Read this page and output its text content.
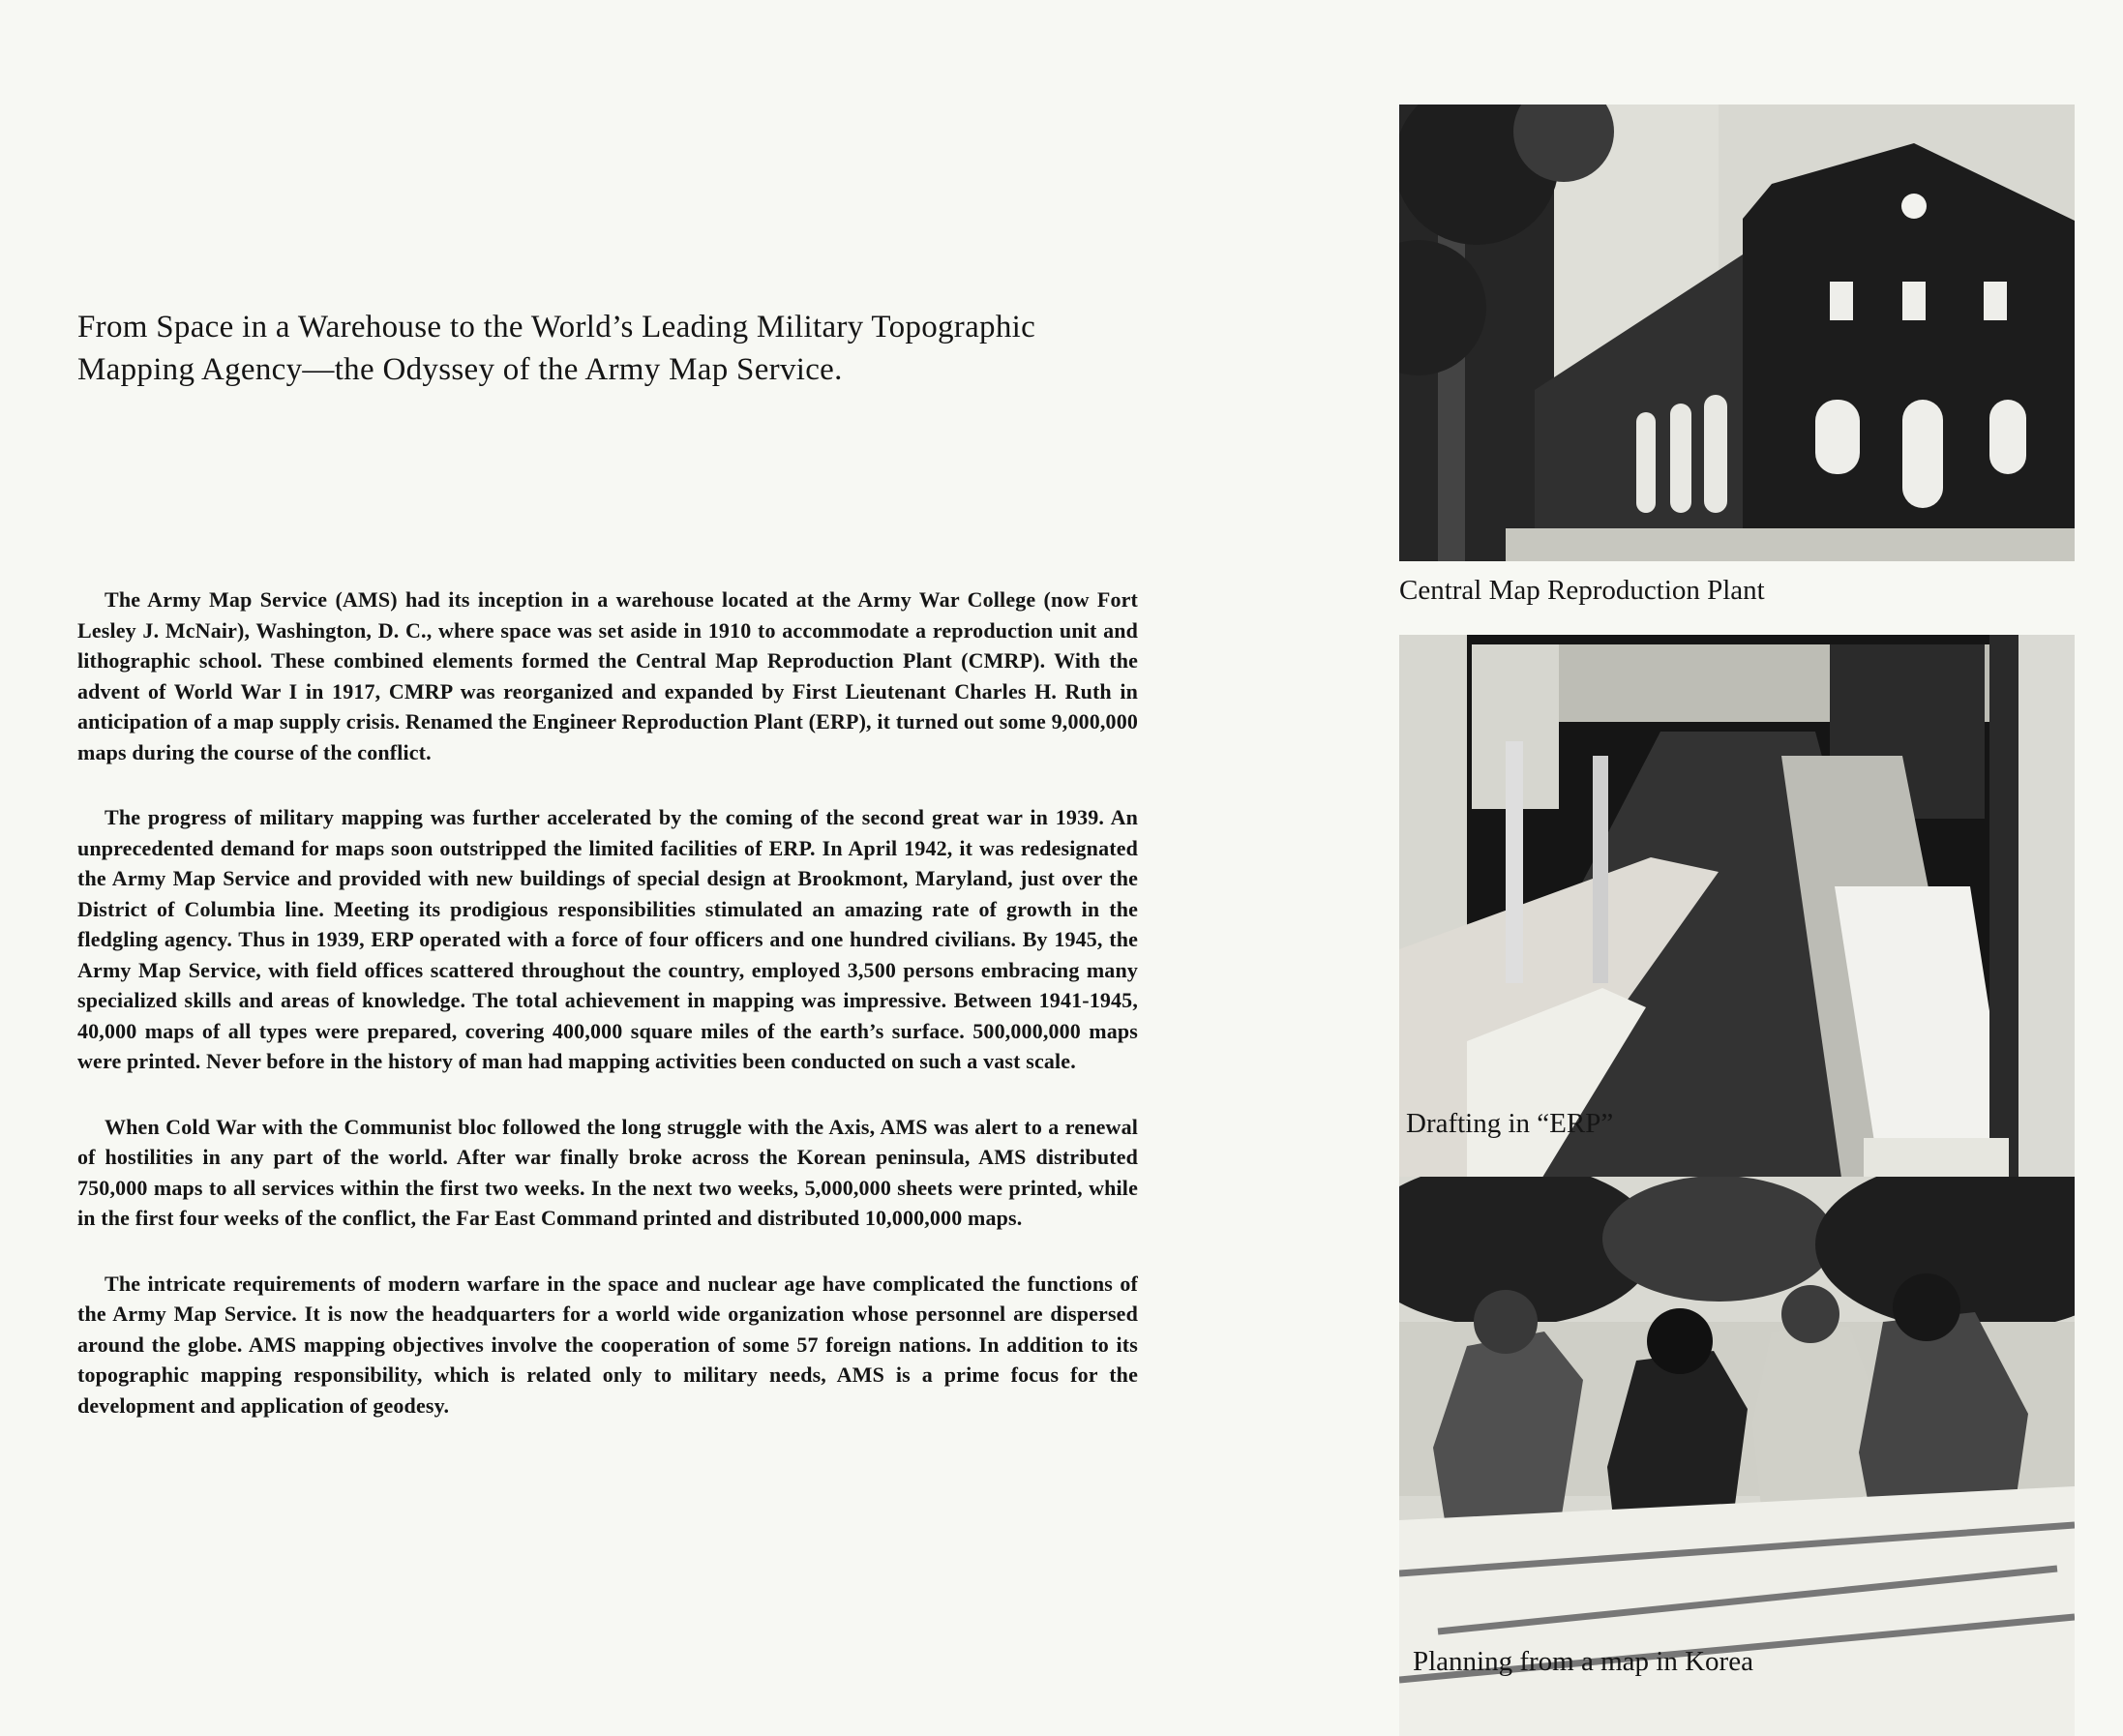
From Space in a Warehouse to the World’s Leading Military Topographic Mapping Agency—the Odyssey of the Army Map Service.

The Army Map Service (AMS) had its inception in a warehouse located at the Army War College (now Fort Lesley J. McNair), Washington, D. C., where space was set aside in 1910 to accommodate a reproduction unit and lithographic school. These combined elements formed the Central Map Reproduction Plant (CMRP). With the advent of World War I in 1917, CMRP was reorganized and expanded by First Lieutenant Charles H. Ruth in anticipation of a map supply crisis. Renamed the Engineer Reproduction Plant (ERP), it turned out some 9,000,000 maps during the course of the conflict.

The progress of military mapping was further accelerated by the coming of the second great war in 1939. An unprecedented demand for maps soon outstripped the limited facilities of ERP. In April 1942, it was redesignated the Army Map Service and provided with new buildings of special design at Brookmont, Maryland, just over the District of Columbia line. Meeting its prodigious responsibilities stimulated an amazing rate of growth in the fledgling agency. Thus in 1939, ERP operated with a force of four officers and one hundred civilians. By 1945, the Army Map Service, with field offices scattered throughout the country, employed 3,500 persons embracing many specialized skills and areas of knowledge. The total achievement in mapping was impressive. Between 1941-1945, 40,000 maps of all types were prepared, covering 400,000 square miles of the earth’s surface. 500,000,000 maps were printed. Never before in the history of man had mapping activities been conducted on such a vast scale.

When Cold War with the Communist bloc followed the long struggle with the Axis, AMS was alert to a renewal of hostilities in any part of the world. After war finally broke across the Korean peninsula, AMS distributed 750,000 maps to all services within the first two weeks. In the next two weeks, 5,000,000 sheets were printed, while in the first four weeks of the conflict, the Far East Command printed and distributed 10,000,000 maps.

The intricate requirements of modern warfare in the space and nuclear age have complicated the functions of the Army Map Service. It is now the headquarters for a world wide organization whose personnel are dispersed around the globe. AMS mapping objectives involve the cooperation of some 57 foreign nations. In addition to its topographic mapping responsibility, which is related only to military needs, AMS is a prime focus for the development and application of geodesy.

Central Map Reproduction Plant
Drafting in “ERP”
Planning from a map in Korea
